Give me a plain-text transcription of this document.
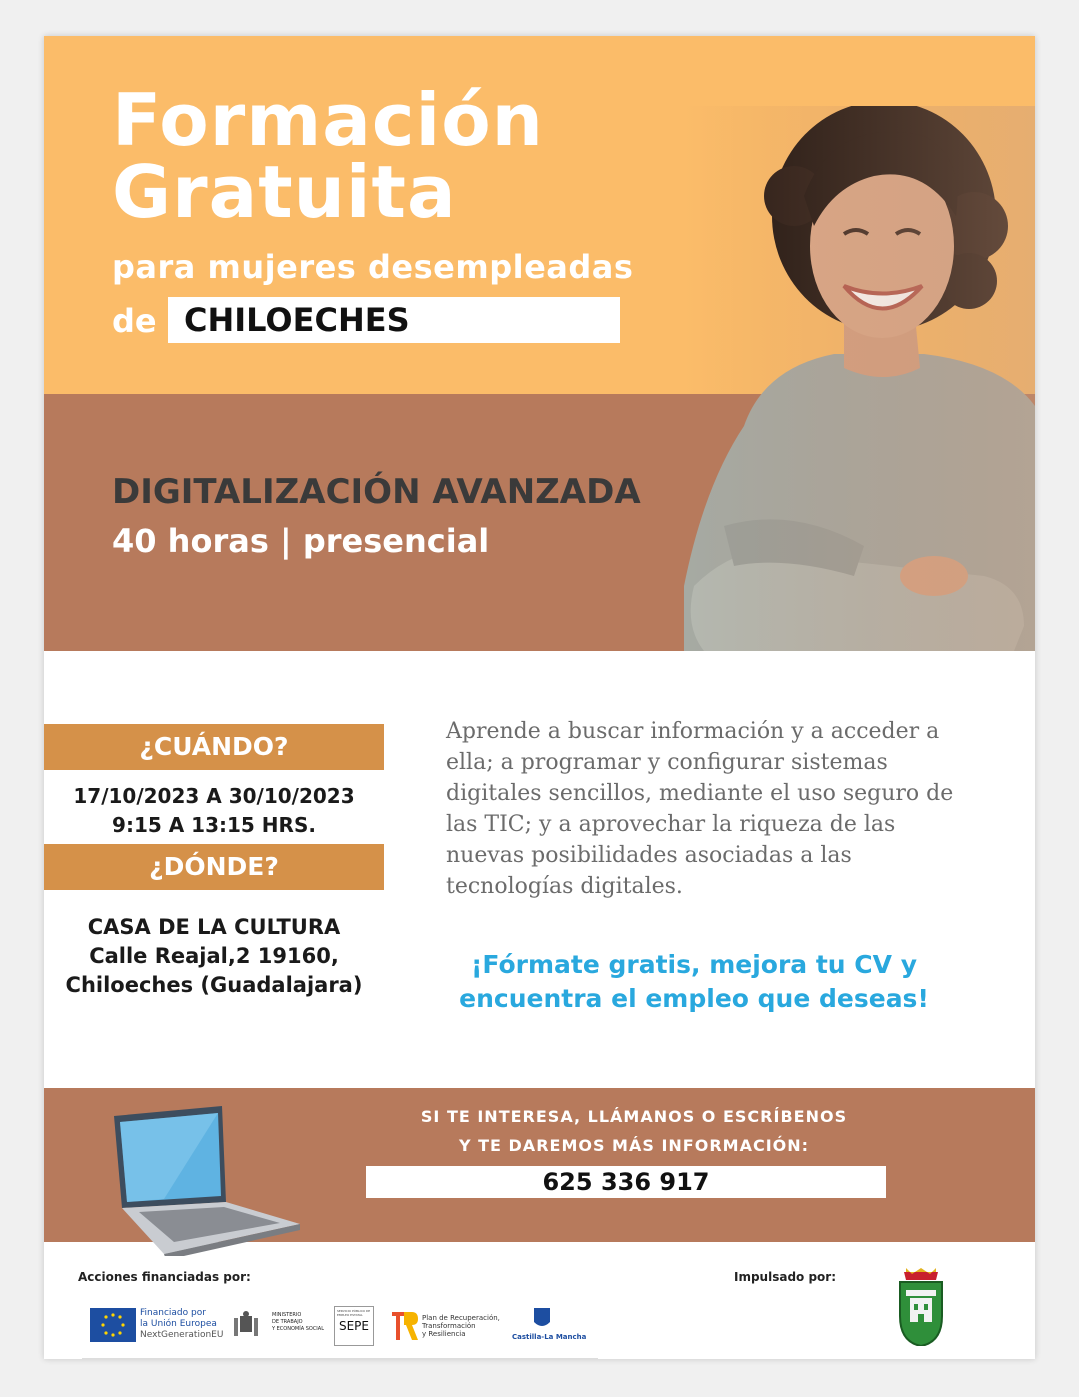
Formación
Gratuita
para mujeres desempleadas
de CHILOECHES
DIGITALIZACIÓN AVANZADA
40 horas | presencial
¿CUÁNDO?
17/10/2023 A 30/10/2023
9:15 A 13:15 HRS.
¿DÓNDE?
CASA DE LA CULTURA
Calle Reajal,2 19160,
Chiloeches (Guadalajara)
Aprende a buscar información y a acceder a ella; a programar y configurar sistemas digitales sencillos, mediante el uso seguro de las TIC; y a aprovechar la riqueza de las nuevas posibilidades asociadas a las tecnologías digitales.
¡Fórmate gratis, mejora tu CV y
encuentra el empleo que deseas!
SI TE INTERESA, LLÁMANOS O ESCRÍBENOS
Y TE DAREMOS MÁS INFORMACIÓN:
625 336 917
Acciones financiadas por:	Impulsado por:
Financiado por
la Unión Europea
NextGenerationEU
MINISTERIO
DE TRABAJO
Y ECONOMÍA SOCIAL
SERVICIO PÚBLICO DE EMPLEO ESTATAL
SEPE
Plan de Recuperación,
Transformación
y Resiliencia	Castilla-La Mancha
